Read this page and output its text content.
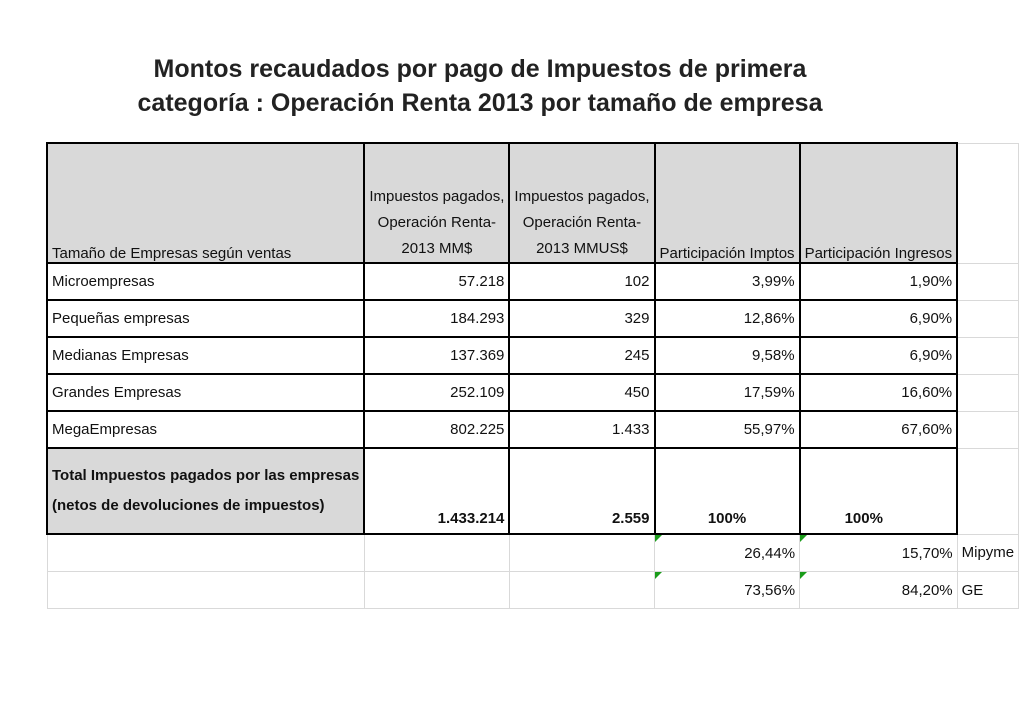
Montos recaudados por pago de Impuestos de primera
categoría : Operación Renta 2013 por tamaño de empresa
Tamaño de Empresas según ventas	Impuestos pagados,
Operación Renta-
2013 MM$	Impuestos pagados,
Operación Renta-
2013 MMUS$	Participación Imptos	Participación Ingresos	
Microempresas	57.218	102	3,99%	1,90%	
Pequeñas empresas	184.293	329	12,86%	6,90%	
Medianas Empresas	137.369	245	9,58%	6,90%	
Grandes Empresas	252.109	450	17,59%	16,60%	
MegaEmpresas	802.225	1.433	55,97%	67,60%	

Total Impuestos pagados por las empresas
(netos de devoluciones de impuestos)	1.433.214	2.559	100%	100%	
			26,44%	15,70%	Mipyme
			73,56%	84,20%	GE
